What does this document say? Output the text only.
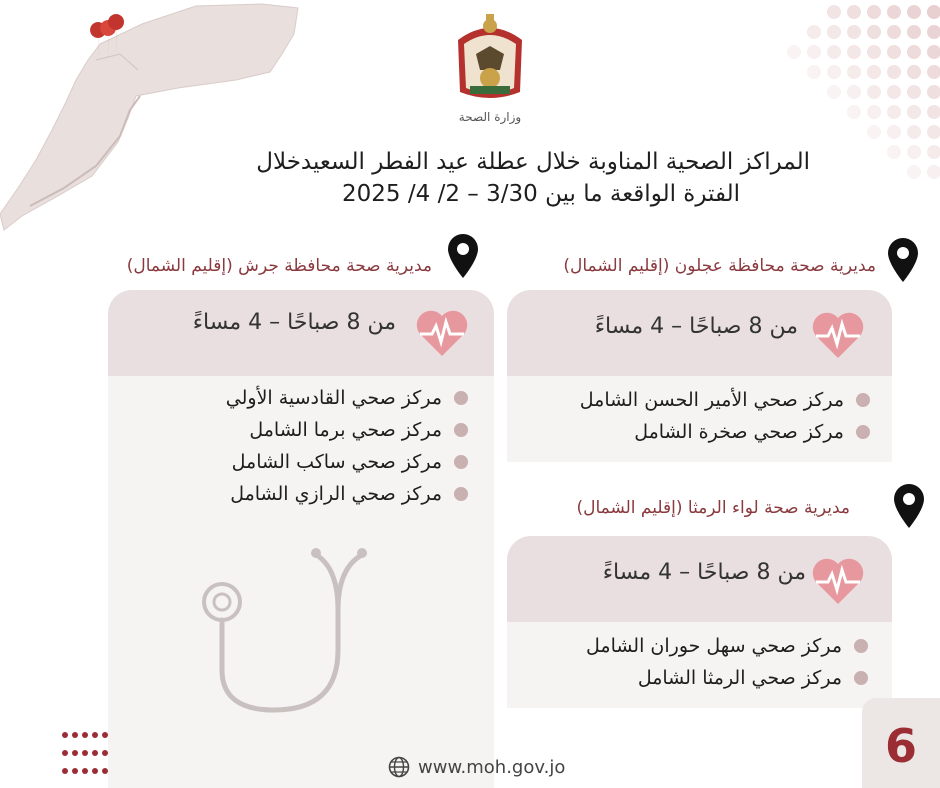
وزارة الصحة
المراكز الصحية المناوبة خلال عطلة عيد الفطر السعيدخلال
الفترة الواقعة ما بين 3/30 – 2/ 4/ 2025
مديرية صحة محافظة جرش (إقليم الشمال)
من 8 صباحًا – 4 مساءً
مركز صحي القادسية الأولي
مركز صحي برما الشامل
مركز صحي ساكب الشامل
مركز صحي الرازي الشامل
مديرية صحة محافظة عجلون (إقليم الشمال)
من 8 صباحًا – 4 مساءً
مركز صحي الأمير الحسن الشامل
مركز صحي صخرة الشامل
مديرية صحة لواء الرمثا (إقليم الشمال)
من 8 صباحًا – 4 مساءً
مركز صحي سهل حوران الشامل
مركز صحي الرمثا الشامل
www.moh.gov.jo	6
